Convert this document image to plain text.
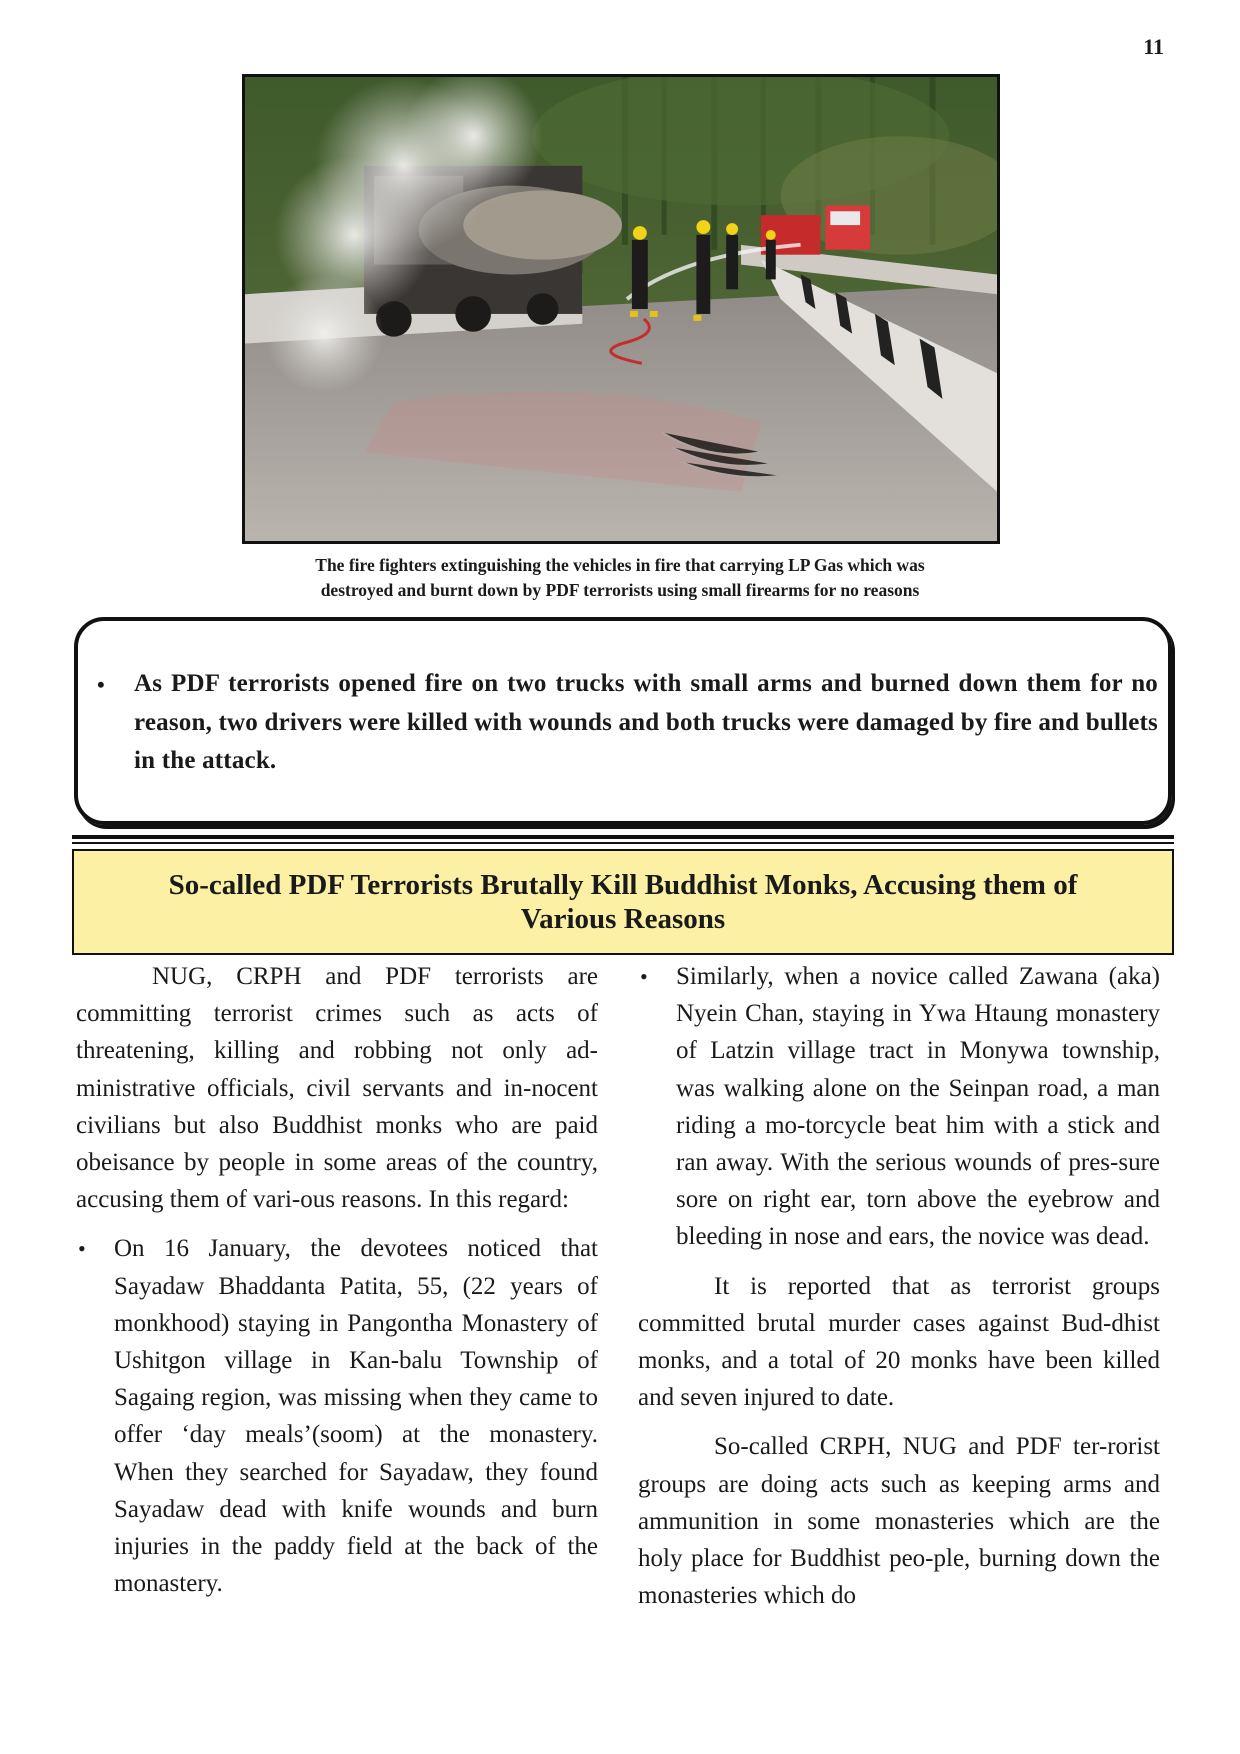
11
The fire fighters extinguishing the vehicles in fire that carrying LP Gas which was
destroyed and burnt down by PDF terrorists using small firearms for no reasons
• As PDF terrorists opened fire on two trucks with small arms and burned down them for no reason, two drivers were killed with wounds and both trucks were damaged by fire and bullets in the attack.
So-called PDF Terrorists Brutally Kill Buddhist Monks, Accusing them of
Various Reasons

NUG, CRPH and PDF terrorists are committing terrorist crimes such as acts of threatening, killing and robbing not only ad-ministrative officials, civil servants and in-nocent civilians but also Buddhist monks who are paid obeisance by people in some areas of the country, accusing them of vari-ous reasons. In this regard:

• On 16 January, the devotees noticed that Sayadaw Bhaddanta Patita, 55, (22 years of monkhood) staying in Pangontha Monastery of Ushitgon village in Kan-balu Township of Sagaing region, was missing when they came to offer ‘day meals’(soom) at the monastery. When they searched for Sayadaw, they found Sayadaw dead with knife wounds and burn injuries in the paddy field at the back of the monastery.

• Similarly, when a novice called Zawana (aka) Nyein Chan, staying in Ywa Htaung monastery of Latzin village tract in Monywa township, was walking alone on the Seinpan road, a man riding a mo-torcycle beat him with a stick and ran away. With the serious wounds of pres-sure sore on right ear, torn above the eyebrow and bleeding in nose and ears, the novice was dead.

It is reported that as terrorist groups committed brutal murder cases against Bud-dhist monks, and a total of 20 monks have been killed and seven injured to date.

So-called CRPH, NUG and PDF ter-rorist groups are doing acts such as keeping arms and ammunition in some monasteries which are the holy place for Buddhist peo-ple, burning down the monasteries which do
